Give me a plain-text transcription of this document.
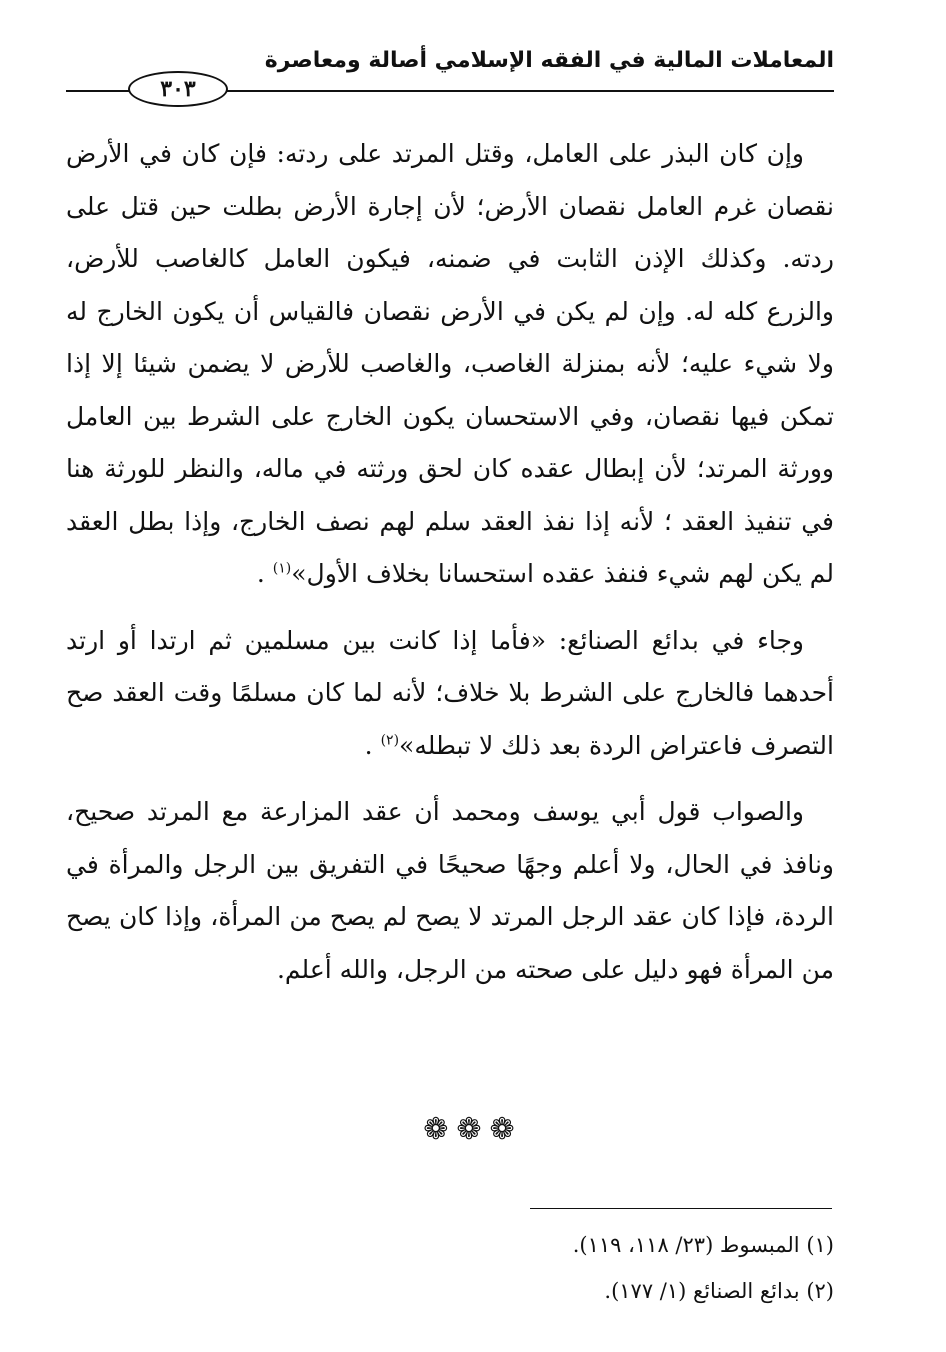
المعاملات المالية في الفقه الإسلامي أصالة ومعاصرة
٣٠٣

وإن كان البذر على العامل، وقتل المرتد على ردته: فإن كان في الأرض نقصان غرم العامل نقصان الأرض؛ لأن إجارة الأرض بطلت حين قتل على ردته. وكذلك الإذن الثابت في ضمنه، فيكون العامل كالغاصب للأرض، والزرع كله له. وإن لم يكن في الأرض نقصان فالقياس أن يكون الخارج له ولا شيء عليه؛ لأنه بمنزلة الغاصب، والغاصب للأرض لا يضمن شيئا إلا إذا تمكن فيها نقصان، وفي الاستحسان يكون الخارج على الشرط بين العامل وورثة المرتد؛ لأن إبطال عقده كان لحق ورثته في ماله، والنظر للورثة هنا في تنفيذ العقد ؛ لأنه إذا نفذ العقد سلم لهم نصف الخارج، وإذا بطل العقد لم يكن لهم شيء فنفذ عقده استحسانا بخلاف الأول»$^{(١)}$ .

وجاء في بدائع الصنائع: «فأما إذا كانت بين مسلمين ثم ارتدا أو ارتد أحدهما فالخارج على الشرط بلا خلاف؛ لأنه لما كان مسلمًا وقت العقد صح التصرف فاعتراض الردة بعد ذلك لا تبطله»$^{(٢)}$ .

والصواب قول أبي يوسف ومحمد أن عقد المزارعة مع المرتد صحيح، ونافذ في الحال، ولا أعلم وجهًا صحيحًا في التفريق بين الرجل والمرأة في الردة، فإذا كان عقد الرجل المرتد لا يصح لم يصح من المرأة، وإذا كان يصح من المرأة فهو دليل على صحته من الرجل، والله أعلم.

❁❁❁

(١) المبسوط (٢٣/ ١١٨، ١١٩).

(٢) بدائع الصنائع (١/ ١٧٧).
